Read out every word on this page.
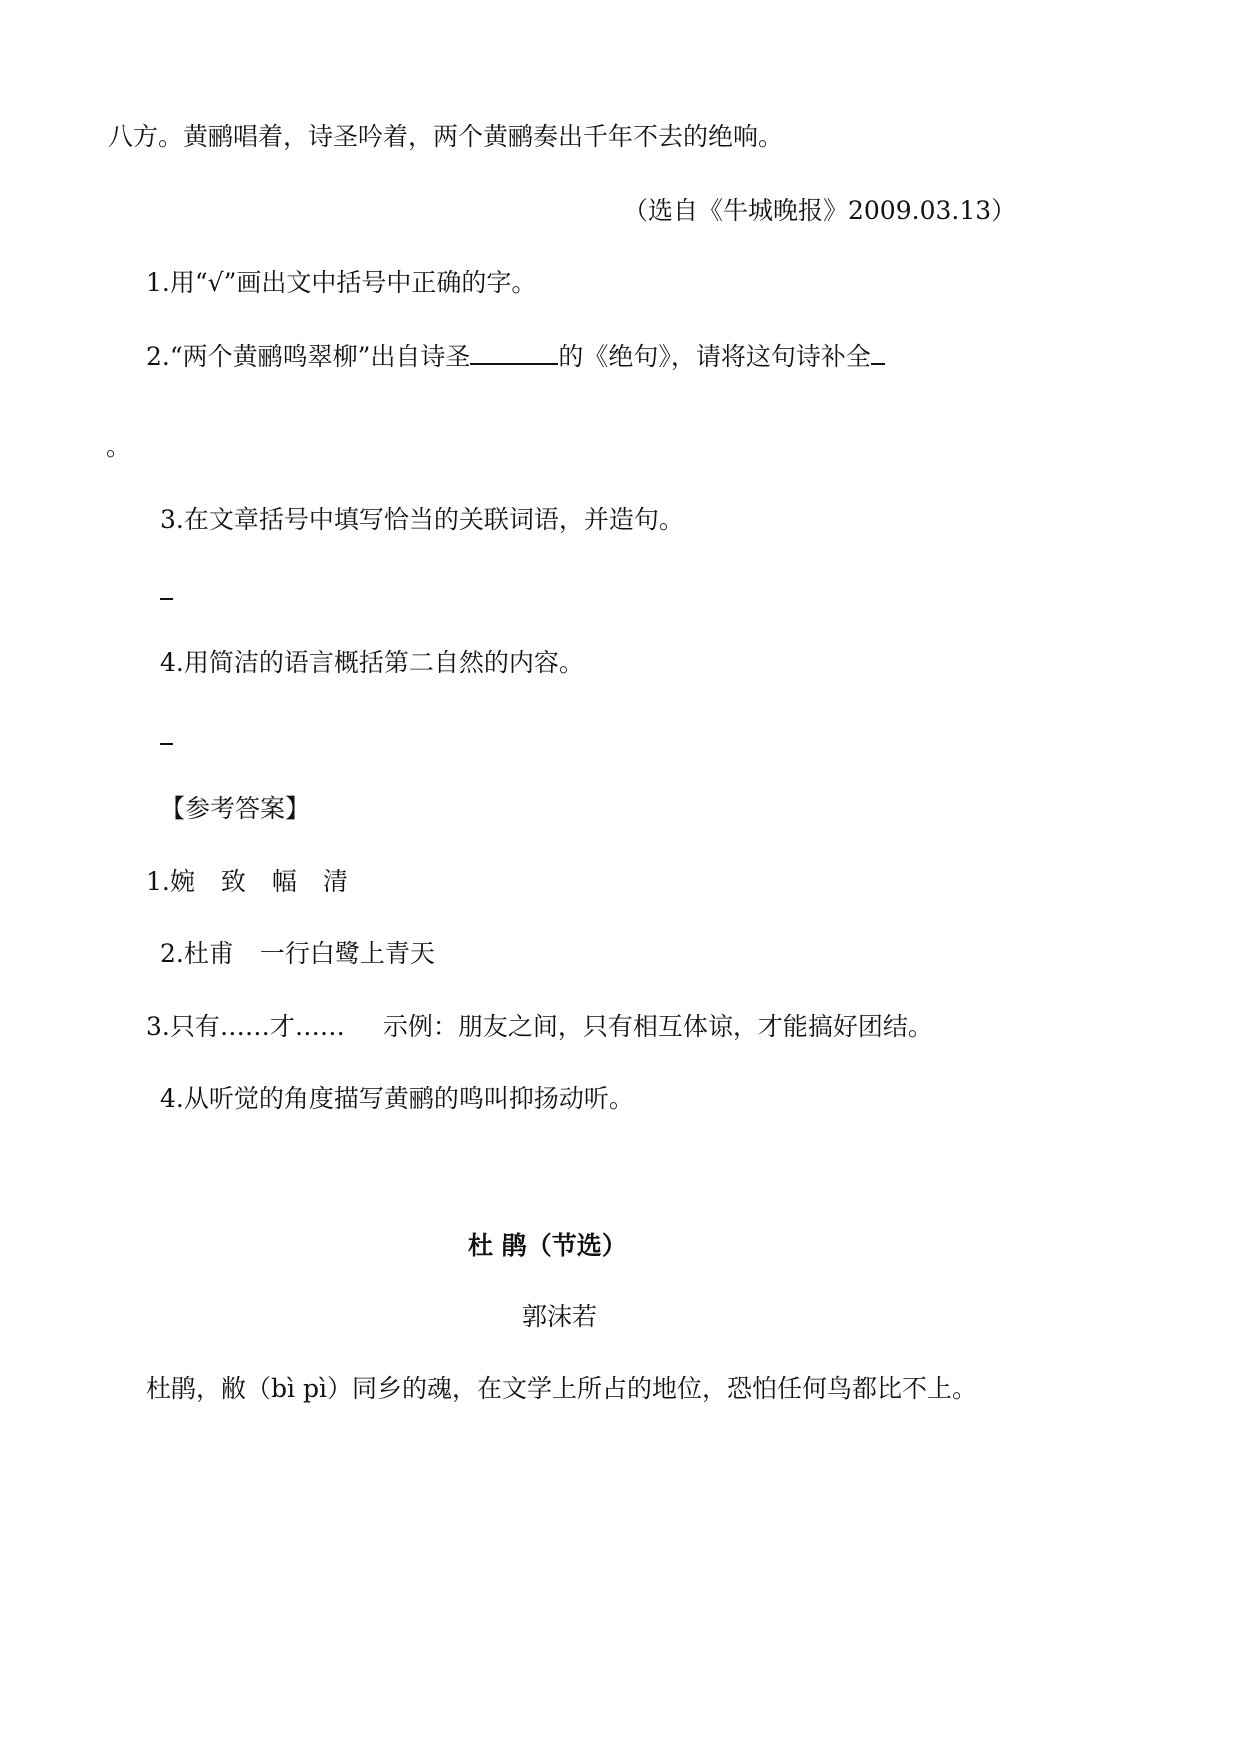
八方。黄鹂唱着，诗圣吟着，两个黄鹂奏出千年不去的绝响。

（选自《牛城晚报》2009.03.13）

1.用“√”画出文中括号中正确的字。

2.“两个黄鹂鸣翠柳”出自诗圣	的《绝句》，请将这句诗补全

。

3.在文章括号中填写恰当的关联词语，并造句。

4.用简洁的语言概括第二自然的内容。

【参考答案】

1.婉 致 幅 清

2.杜甫 一行白鹭上青天

3.只有……才…… 示例：朋友之间，只有相互体谅，才能搞好团结。

4.从听觉的角度描写黄鹂的鸣叫抑扬动听。

杜 鹃（节选）

郭沫若

杜鹃，敝（bì pì）同乡的魂，在文学上所占的地位，恐怕任何鸟都比不上。
